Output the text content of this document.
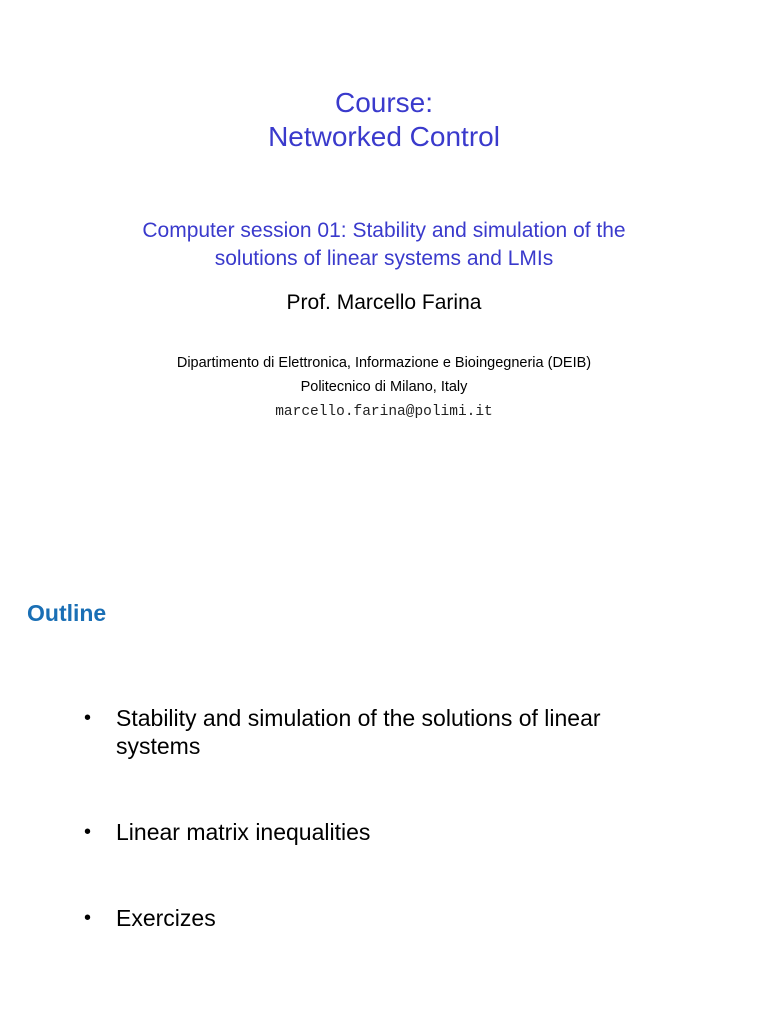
Course:
Networked Control
Computer session 01: Stability and simulation of the
solutions of linear systems and LMIs
Prof. Marcello Farina
Dipartimento di Elettronica, Informazione e Bioingegneria (DEIB)
Politecnico di Milano, Italy
marcello.farina@polimi.it
Outline
•	Stability and simulation of the solutions of linear
systems
•	Linear matrix inequalities
•	Exercizes
